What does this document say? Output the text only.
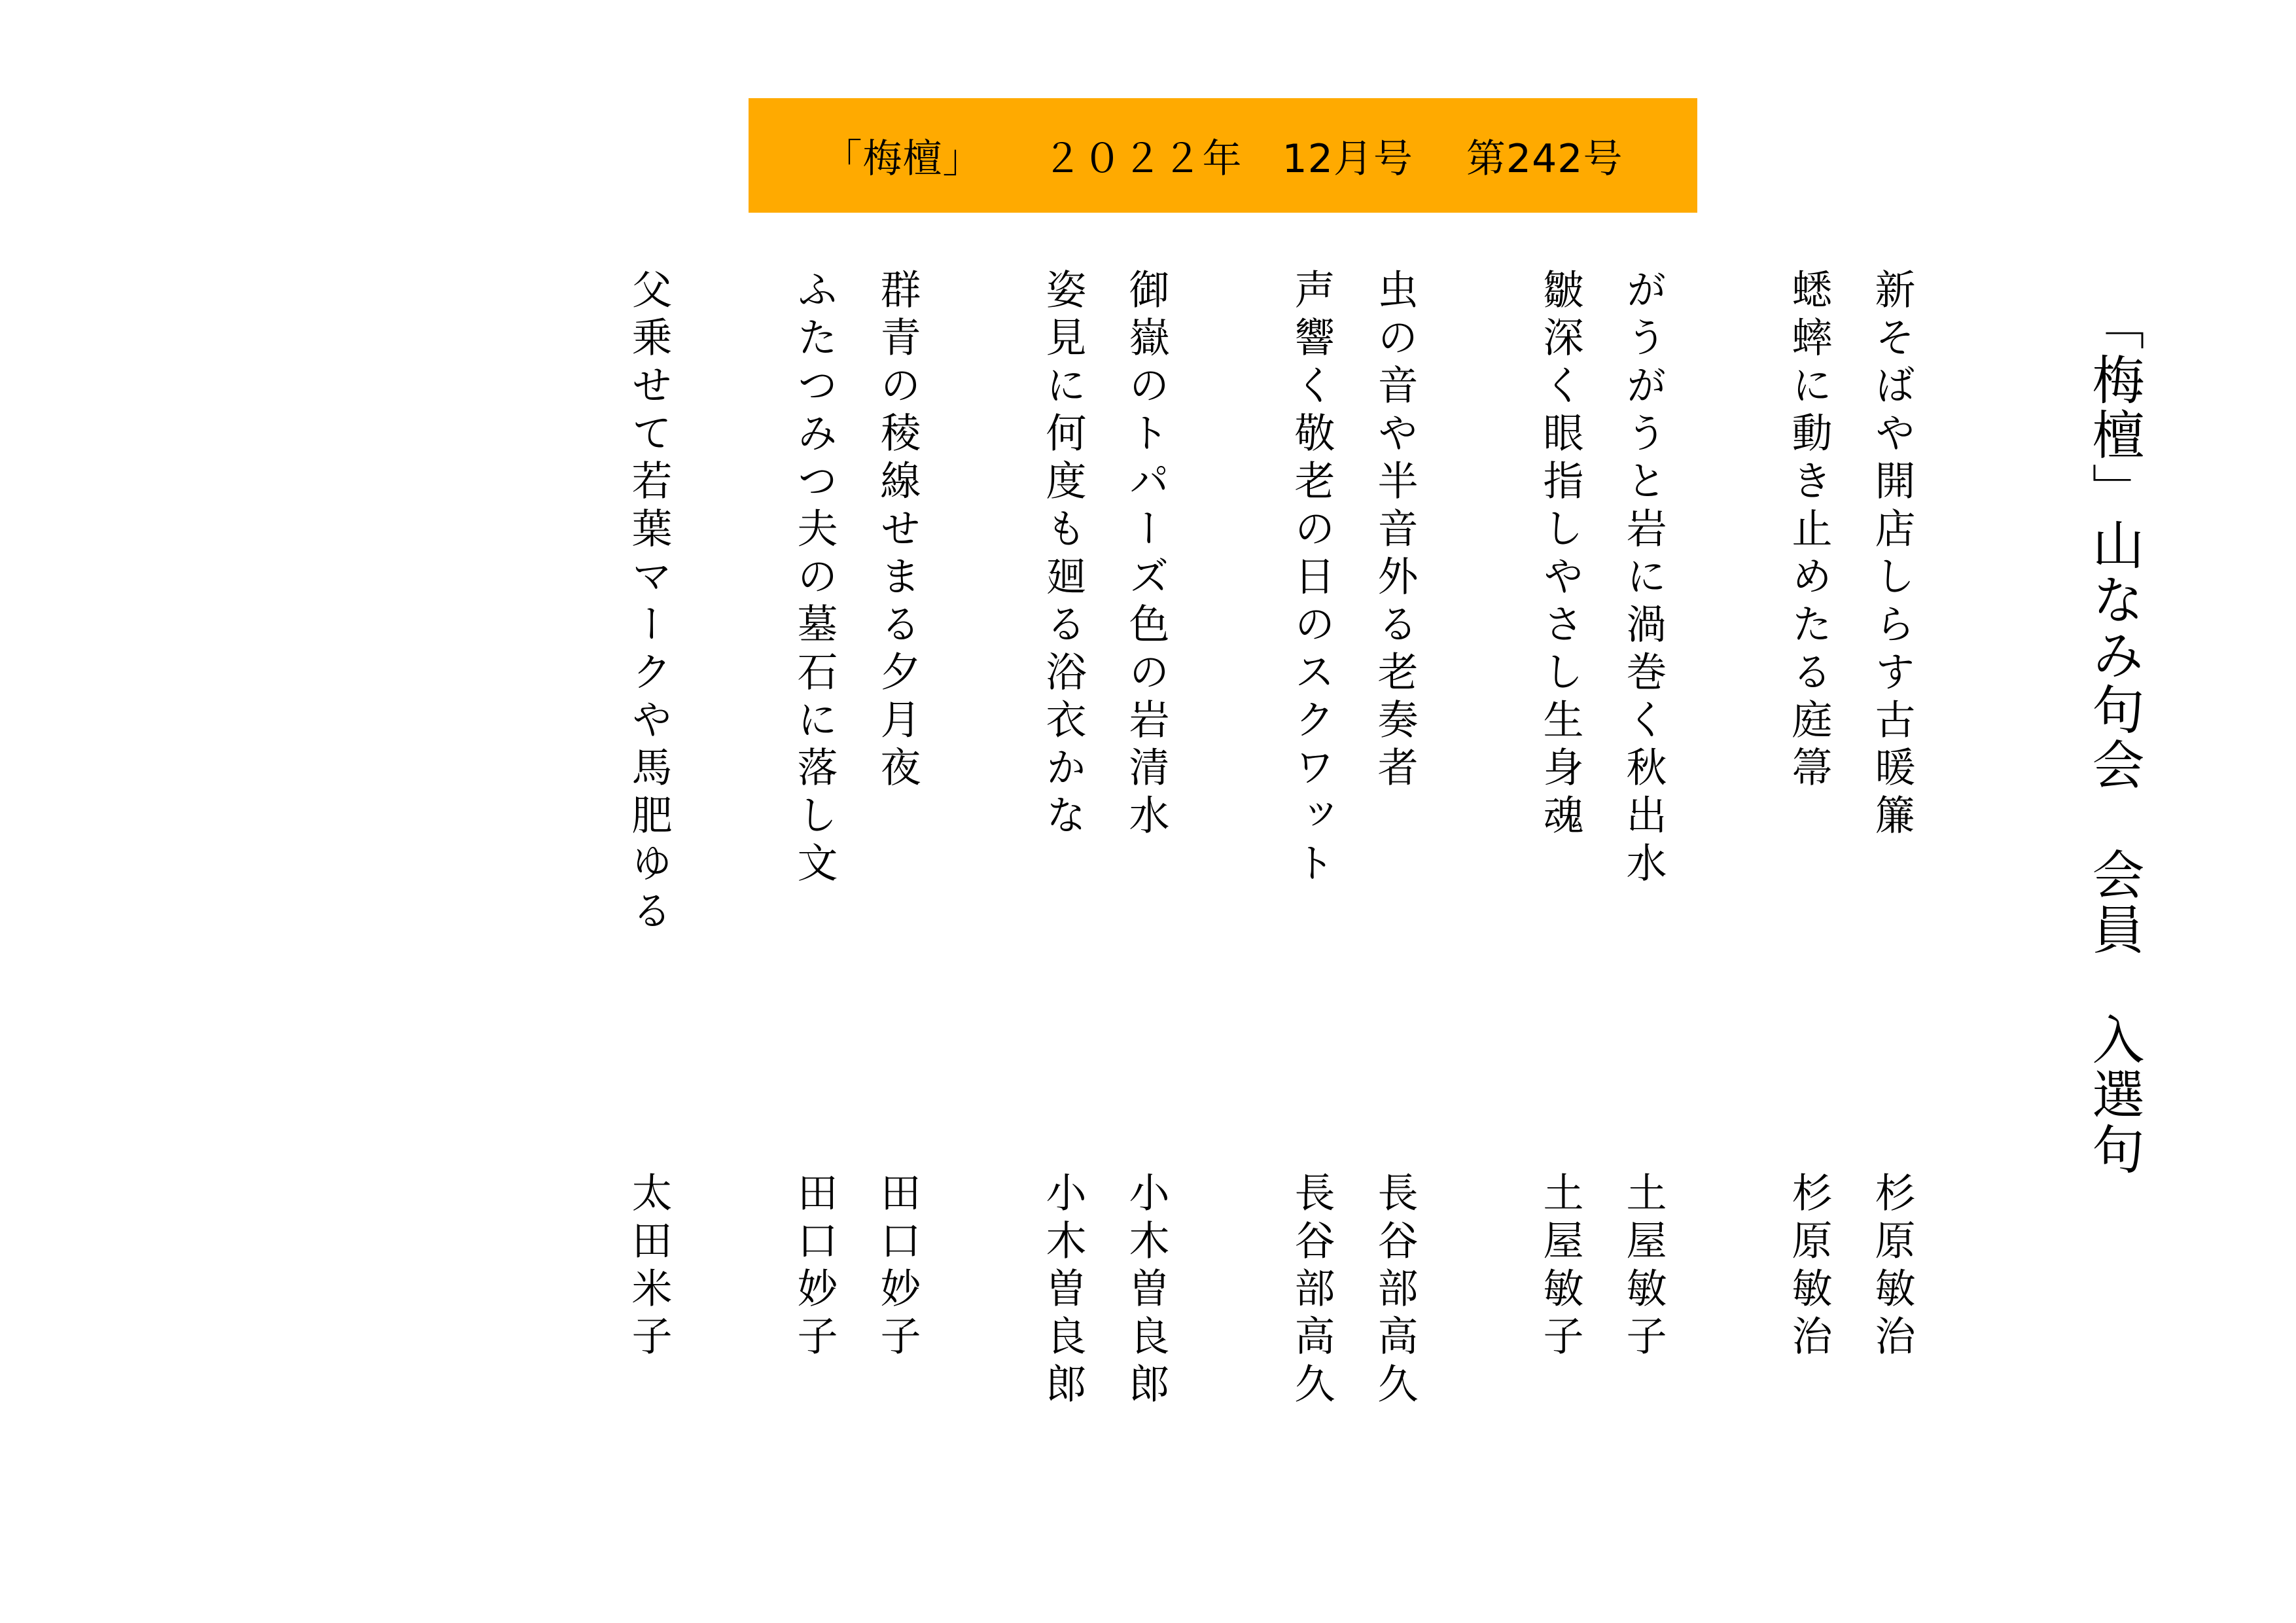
「梅檀」　　２０２２年　12月号　 第242号
「梅檀」山なみ句会　会員　入選句
新そばや開店しらす古暖簾
杉原敏治
蟋蟀に動き止めたる庭箒
杉原敏治
がうがうと岩に渦巻く秋出水
土屋敏子
皺深く眼指しやさし生身魂
土屋敏子
虫の音や半音外る老奏者
長谷部高久
声響く敬老の日のスクワット
長谷部高久
御嶽のトパーズ色の岩清水
小木曽良郎
姿見に何度も廻る浴衣かな
小木曽良郎
群青の稜線せまる夕月夜
田口妙子
ふたつみつ夫の墓石に落し文
田口妙子
父乗せて若葉マークや馬肥ゆる
太田米子
